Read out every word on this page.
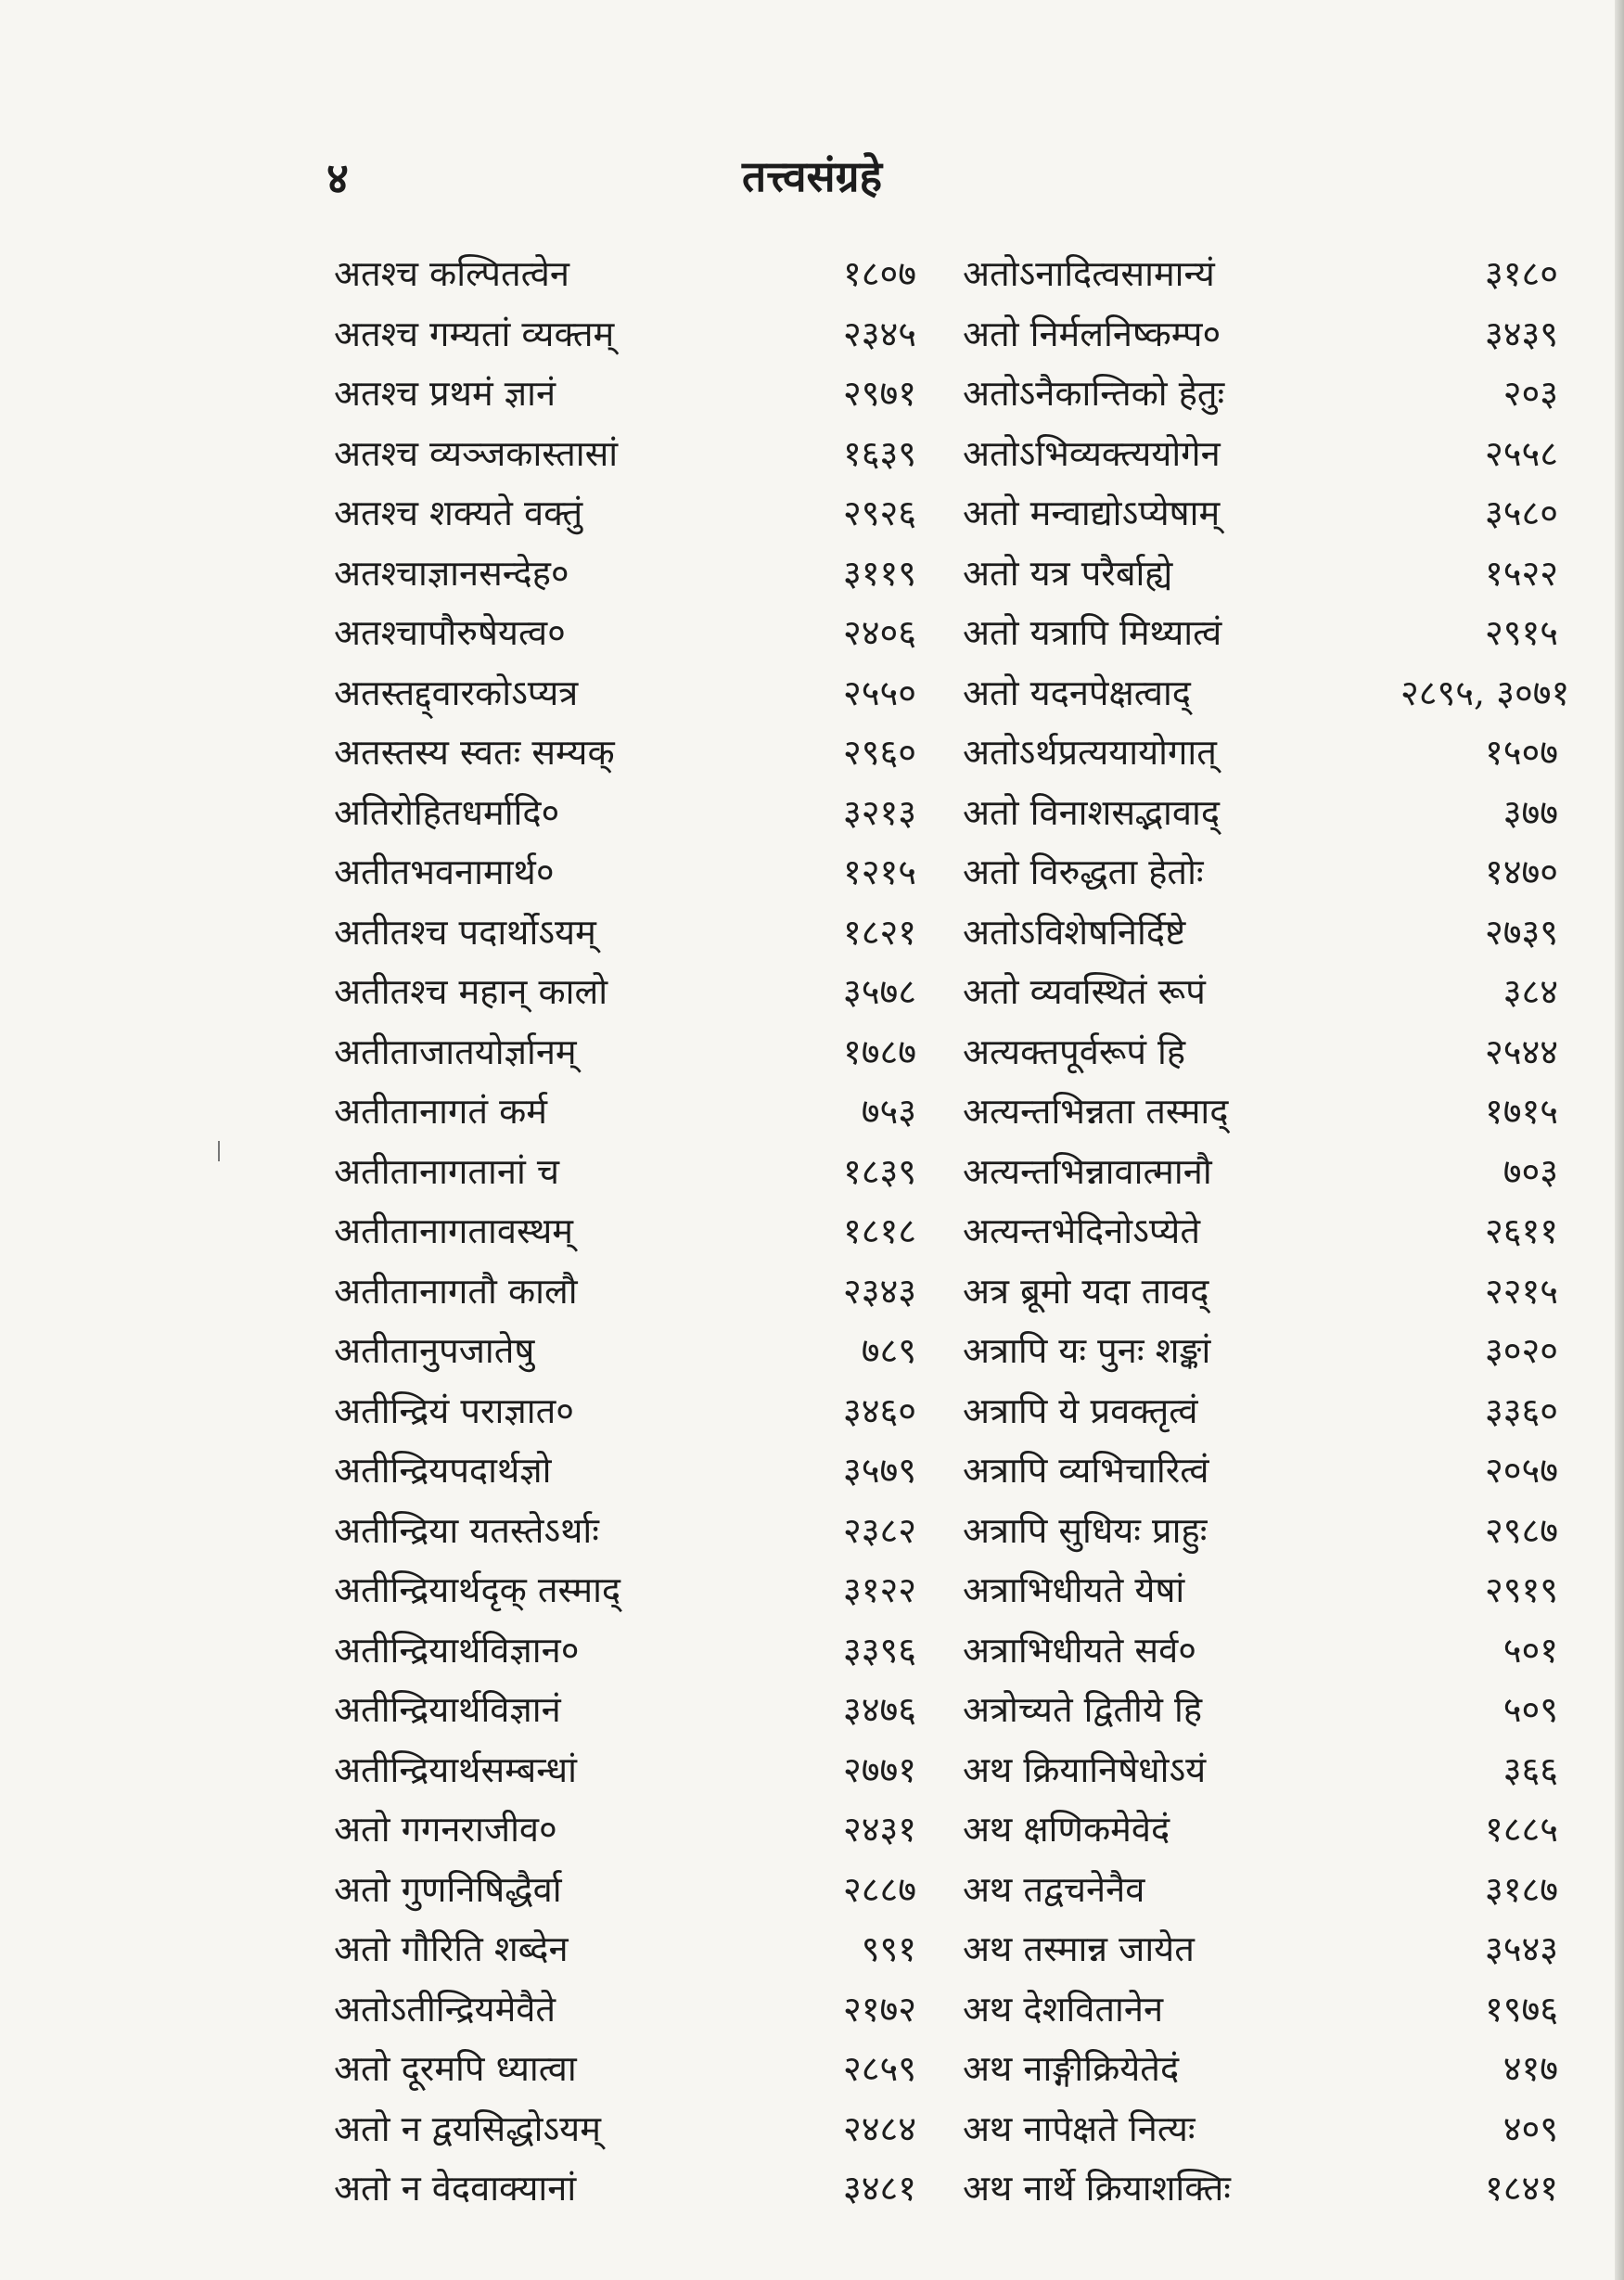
४	तत्त्वसंग्रहे
अतश्च कल्पितत्वेन	१८०७	अतोऽनादित्वसामान्यं	३१८०
अतश्च गम्यतां व्यक्तम्	२३४५	अतो निर्मलनिष्कम्प०	३४३९
अतश्च प्रथमं ज्ञानं	२९७१	अतोऽनैकान्तिको हेतुः	२०३
अतश्च व्यञ्जकास्तासां	१६३९	अतोऽभिव्यक्त्ययोगेन	२५५८
अतश्च शक्यते वक्तुं	२९२६	अतो मन्वाद्योऽप्येषाम्	३५८०
अतश्चाज्ञानसन्देह०	३११९	अतो यत्र परैर्बाह्ये	१५२२
अतश्चापौरुषेयत्व०	२४०६	अतो यत्रापि मिथ्यात्वं	२९१५
अतस्तद्द्वारकोऽप्यत्र	२५५०	अतो यदनपेक्षत्वाद्	२८९५, ३०७१
अतस्तस्य स्वतः सम्यक्	२९६०	अतोऽर्थप्रत्ययायोगात्	१५०७
अतिरोहितधर्मादि०	३२१३	अतो विनाशसद्भावाद्	३७७
अतीतभवनामार्थ०	१२१५	अतो विरुद्धता हेतोः	१४७०
अतीतश्च पदार्थोऽयम्	१८२१	अतोऽविशेषनिर्दिष्टे	२७३९
अतीतश्च महान् कालो	३५७८	अतो व्यवस्थितं रूपं	३८४
अतीताजातयोर्ज्ञानम्	१७८७	अत्यक्तपूर्वरूपं हि	२५४४
अतीतानागतं कर्म	७५३	अत्यन्तभिन्नता तस्माद्	१७१५
अतीतानागतानां च	१८३९	अत्यन्तभिन्नावात्मानौ	७०३
अतीतानागतावस्थम्	१८१८	अत्यन्तभेदिनोऽप्येते	२६११
अतीतानागतौ कालौ	२३४३	अत्र ब्रूमो यदा तावद्	२२१५
अतीतानुपजातेषु	७८९	अत्रापि यः पुनः शङ्कां	३०२०
अतीन्द्रियं पराज्ञात०	३४६०	अत्रापि ये प्रवक्तृत्वं	३३६०
अतीन्द्रियपदार्थज्ञो	३५७९	अत्रापि व्यभिचारित्वं	२०५७
अतीन्द्रिया यतस्तेऽर्थाः	२३८२	अत्रापि सुधियः प्राहुः	२९८७
अतीन्द्रियार्थदृक् तस्माद्	३१२२	अत्राभिधीयते येषां	२९१९
अतीन्द्रियार्थविज्ञान०	३३९६	अत्राभिधीयते सर्व०	५०१
अतीन्द्रियार्थविज्ञानं	३४७६	अत्रोच्यते द्वितीये हि	५०९
अतीन्द्रियार्थसम्बन्धां	२७७१	अथ क्रियानिषेधोऽयं	३६६
अतो गगनराजीव०	२४३१	अथ क्षणिकमेवेदं	१८८५
अतो गुणनिषिद्धैर्वा	२८८७	अथ तद्वचनेनैव	३१८७
अतो गौरिति शब्देन	९९१	अथ तस्मान्न जायेत	३५४३
अतोऽतीन्द्रियमेवैते	२१७२	अथ देशवितानेन	१९७६
अतो दूरमपि ध्यात्वा	२८५९	अथ नाङ्गीक्रियेतेदं	४१७
अतो न द्वयसिद्धोऽयम्	२४८४	अथ नापेक्षते नित्यः	४०९
अतो न वेदवाक्यानां	३४८१	अथ नार्थे क्रियाशक्तिः	१८४१
